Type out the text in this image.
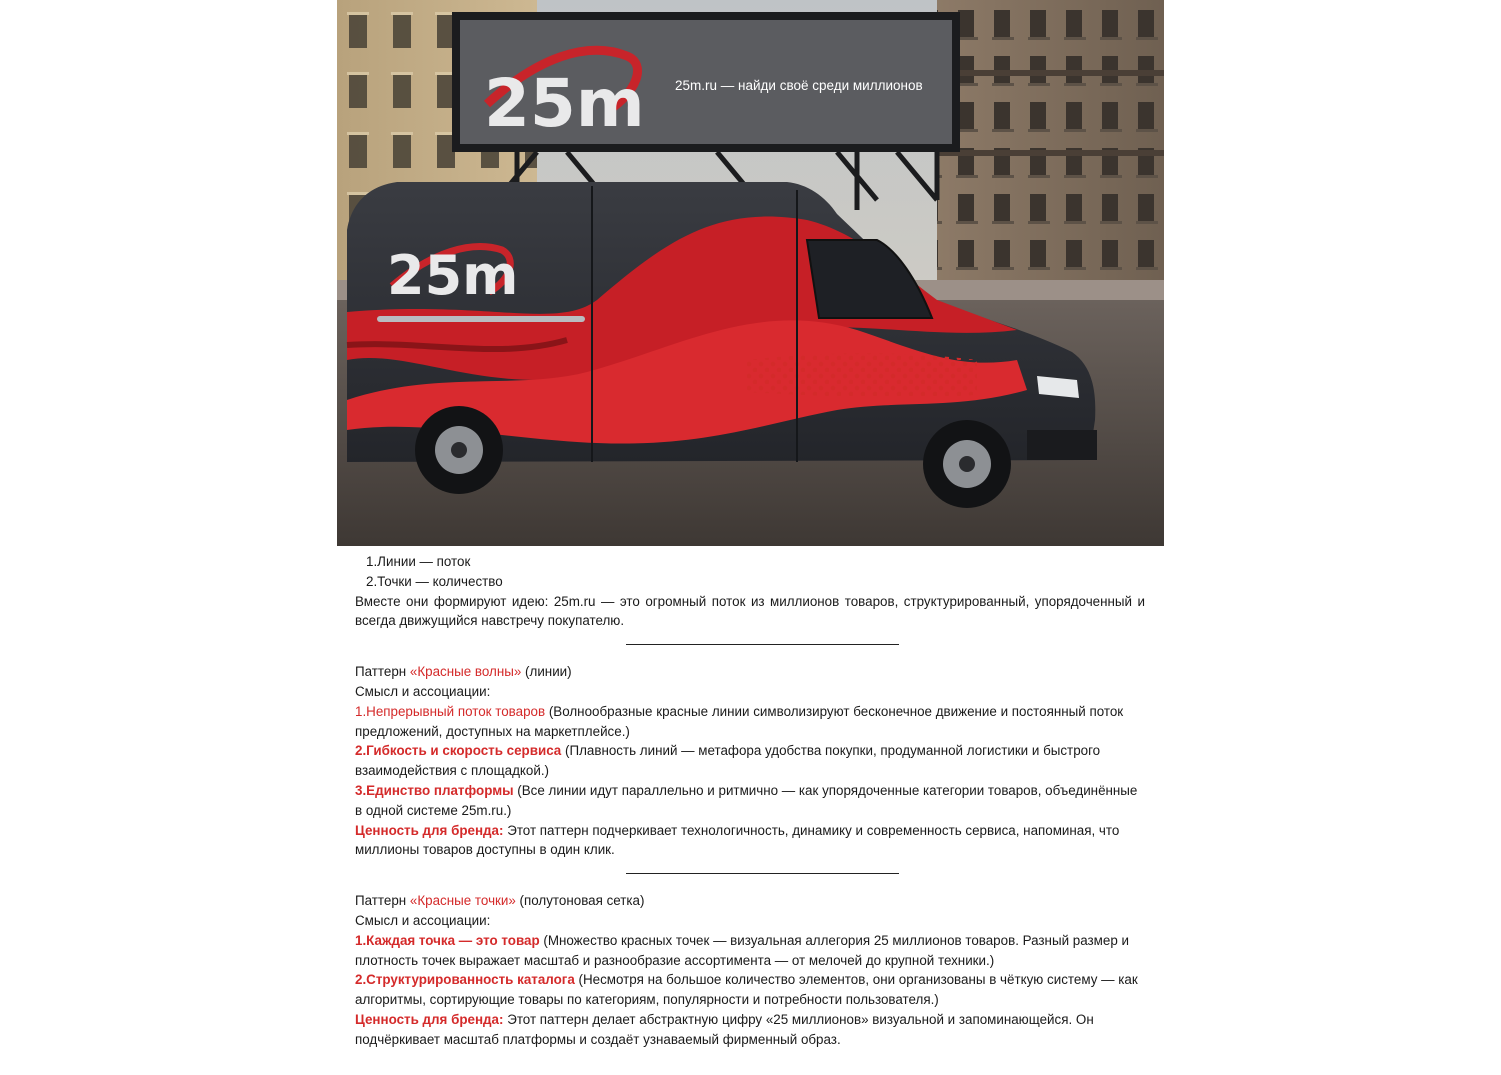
25m 25m.ru — найди своё среди миллионов
25m
1.Линии — поток
2.Точки — количество

Вместе они формируют идею: 25m.ru — это огромный поток из миллионов товаров, структурированный, упорядоченный и всегда движущийся навстречу покупателю.

Паттерн «Красные волны» (линии)

Смысл и ассоциации:

1.Непрерывный поток товаров (Волнообразные красные линии символизируют бесконечное движение и постоянный поток предложений, доступных на маркетплейсе.)

2.Гибкость и скорость сервиса (Плавность линий — метафора удобства покупки, продуманной логистики и быстрого взаимодействия с площадкой.)

3.Единство платформы (Все линии идут параллельно и ритмично — как упорядоченные категории товаров, объединённые в одной системе 25m.ru.)

Ценность для бренда: Этот паттерн подчеркивает технологичность, динамику и современность сервиса, напоминая, что миллионы товаров доступны в один клик.

Паттерн «Красные точки» (полутоновая сетка)

Смысл и ассоциации:

1.Каждая точка — это товар (Множество красных точек — визуальная аллегория 25 миллионов товаров. Разный размер и плотность точек выражает масштаб и разнообразие ассортимента — от мелочей до крупной техники.)

2.Структурированность каталога (Несмотря на большое количество элементов, они организованы в чёткую систему — как алгоритмы, сортирующие товары по категориям, популярности и потребности пользователя.)

Ценность для бренда: Этот паттерн делает абстрактную цифру «25 миллионов» визуальной и запоминающейся. Он подчёркивает масштаб платформы и создаёт узнаваемый фирменный образ.
